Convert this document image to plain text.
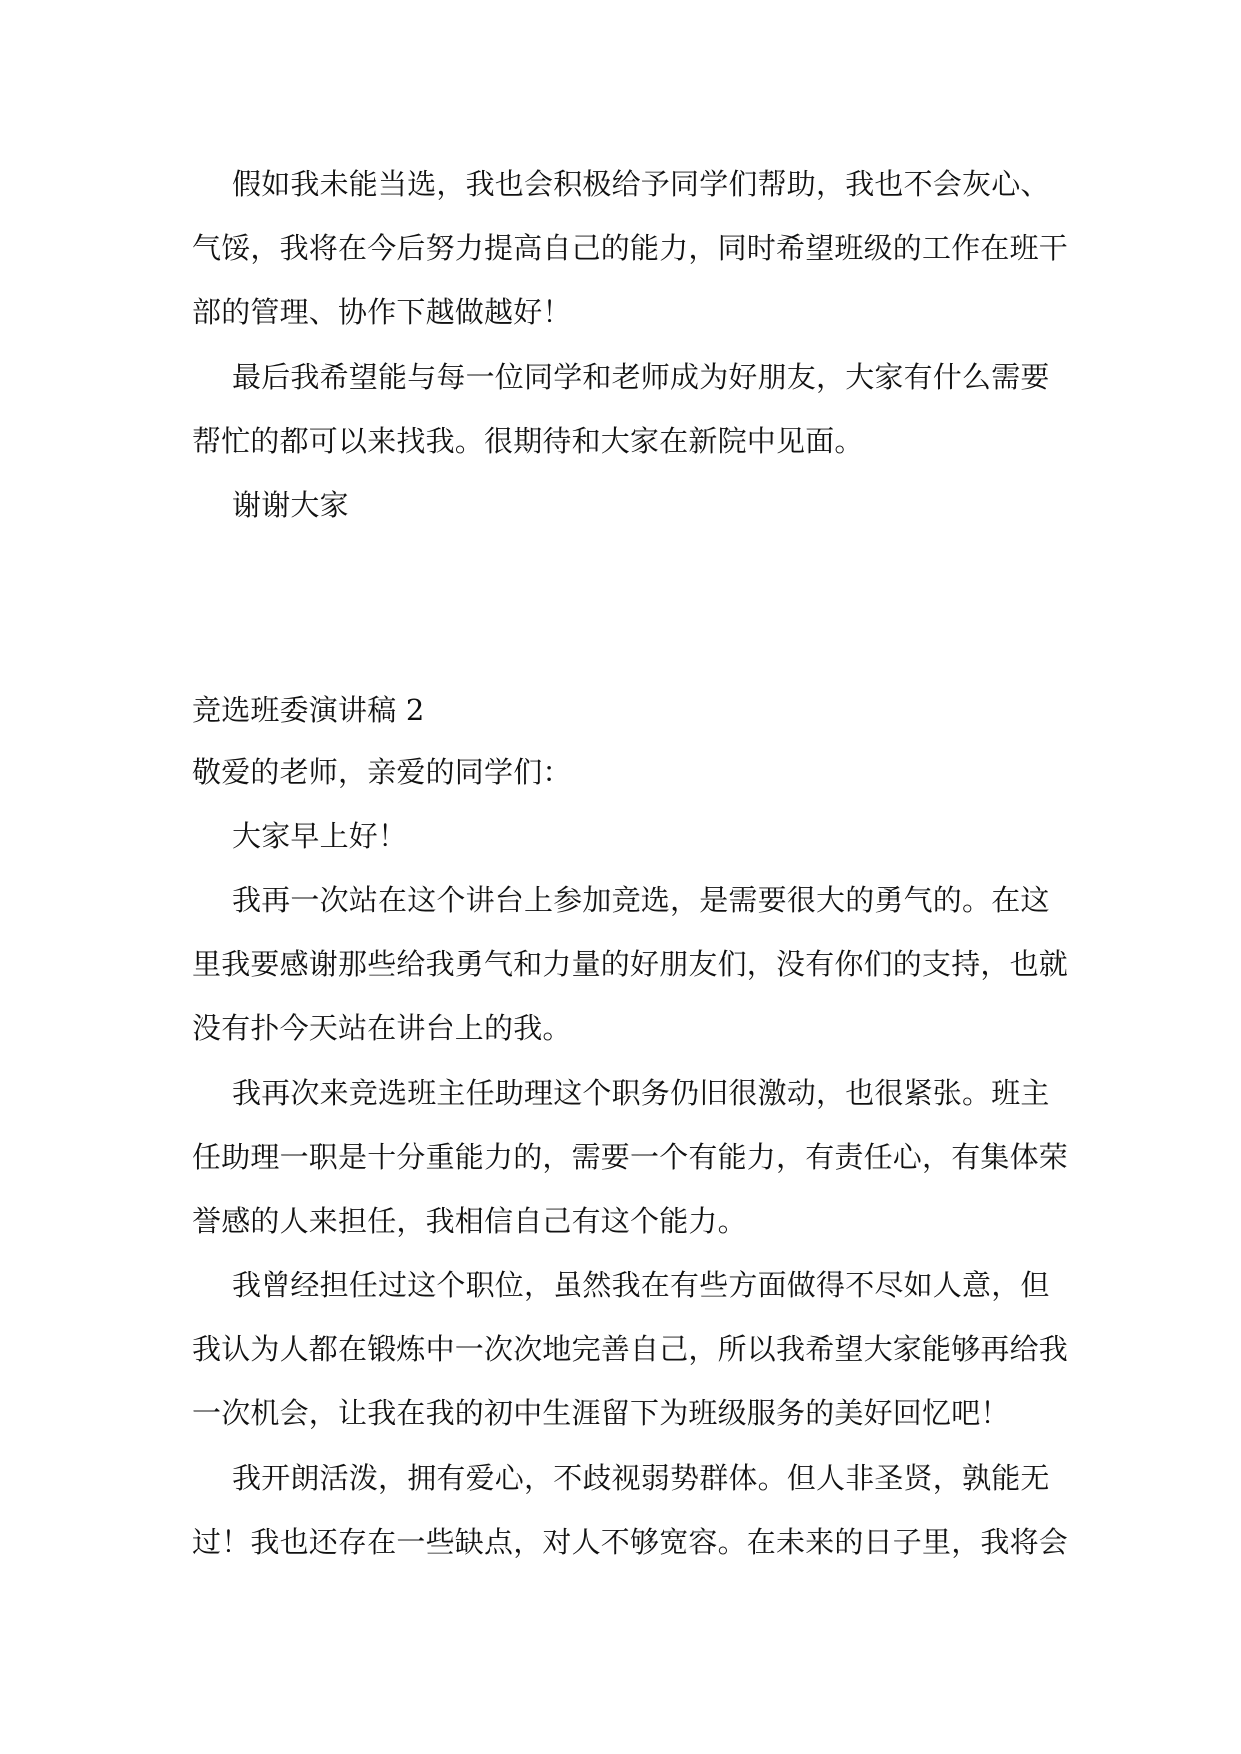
假如我未能当选，我也会积极给予同学们帮助，我也不会灰心、
气馁，我将在今后努力提高自己的能力，同时希望班级的工作在班干
部的管理、协作下越做越好！
最后我希望能与每一位同学和老师成为好朋友，大家有什么需要
帮忙的都可以来找我。很期待和大家在新院中见面。
谢谢大家
竞选班委演讲稿 2
敬爱的老师，亲爱的同学们：
大家早上好！
我再一次站在这个讲台上参加竞选，是需要很大的勇气的。在这
里我要感谢那些给我勇气和力量的好朋友们，没有你们的支持，也就
没有扑今天站在讲台上的我。
我再次来竞选班主任助理这个职务仍旧很激动，也很紧张。班主
任助理一职是十分重能力的，需要一个有能力，有责任心，有集体荣
誉感的人来担任，我相信自己有这个能力。
我曾经担任过这个职位，虽然我在有些方面做得不尽如人意，但
我认为人都在锻炼中一次次地完善自己，所以我希望大家能够再给我
一次机会，让我在我的初中生涯留下为班级服务的美好回忆吧！
我开朗活泼，拥有爱心，不歧视弱势群体。但人非圣贤，孰能无
过！我也还存在一些缺点，对人不够宽容。在未来的日子里，我将会
